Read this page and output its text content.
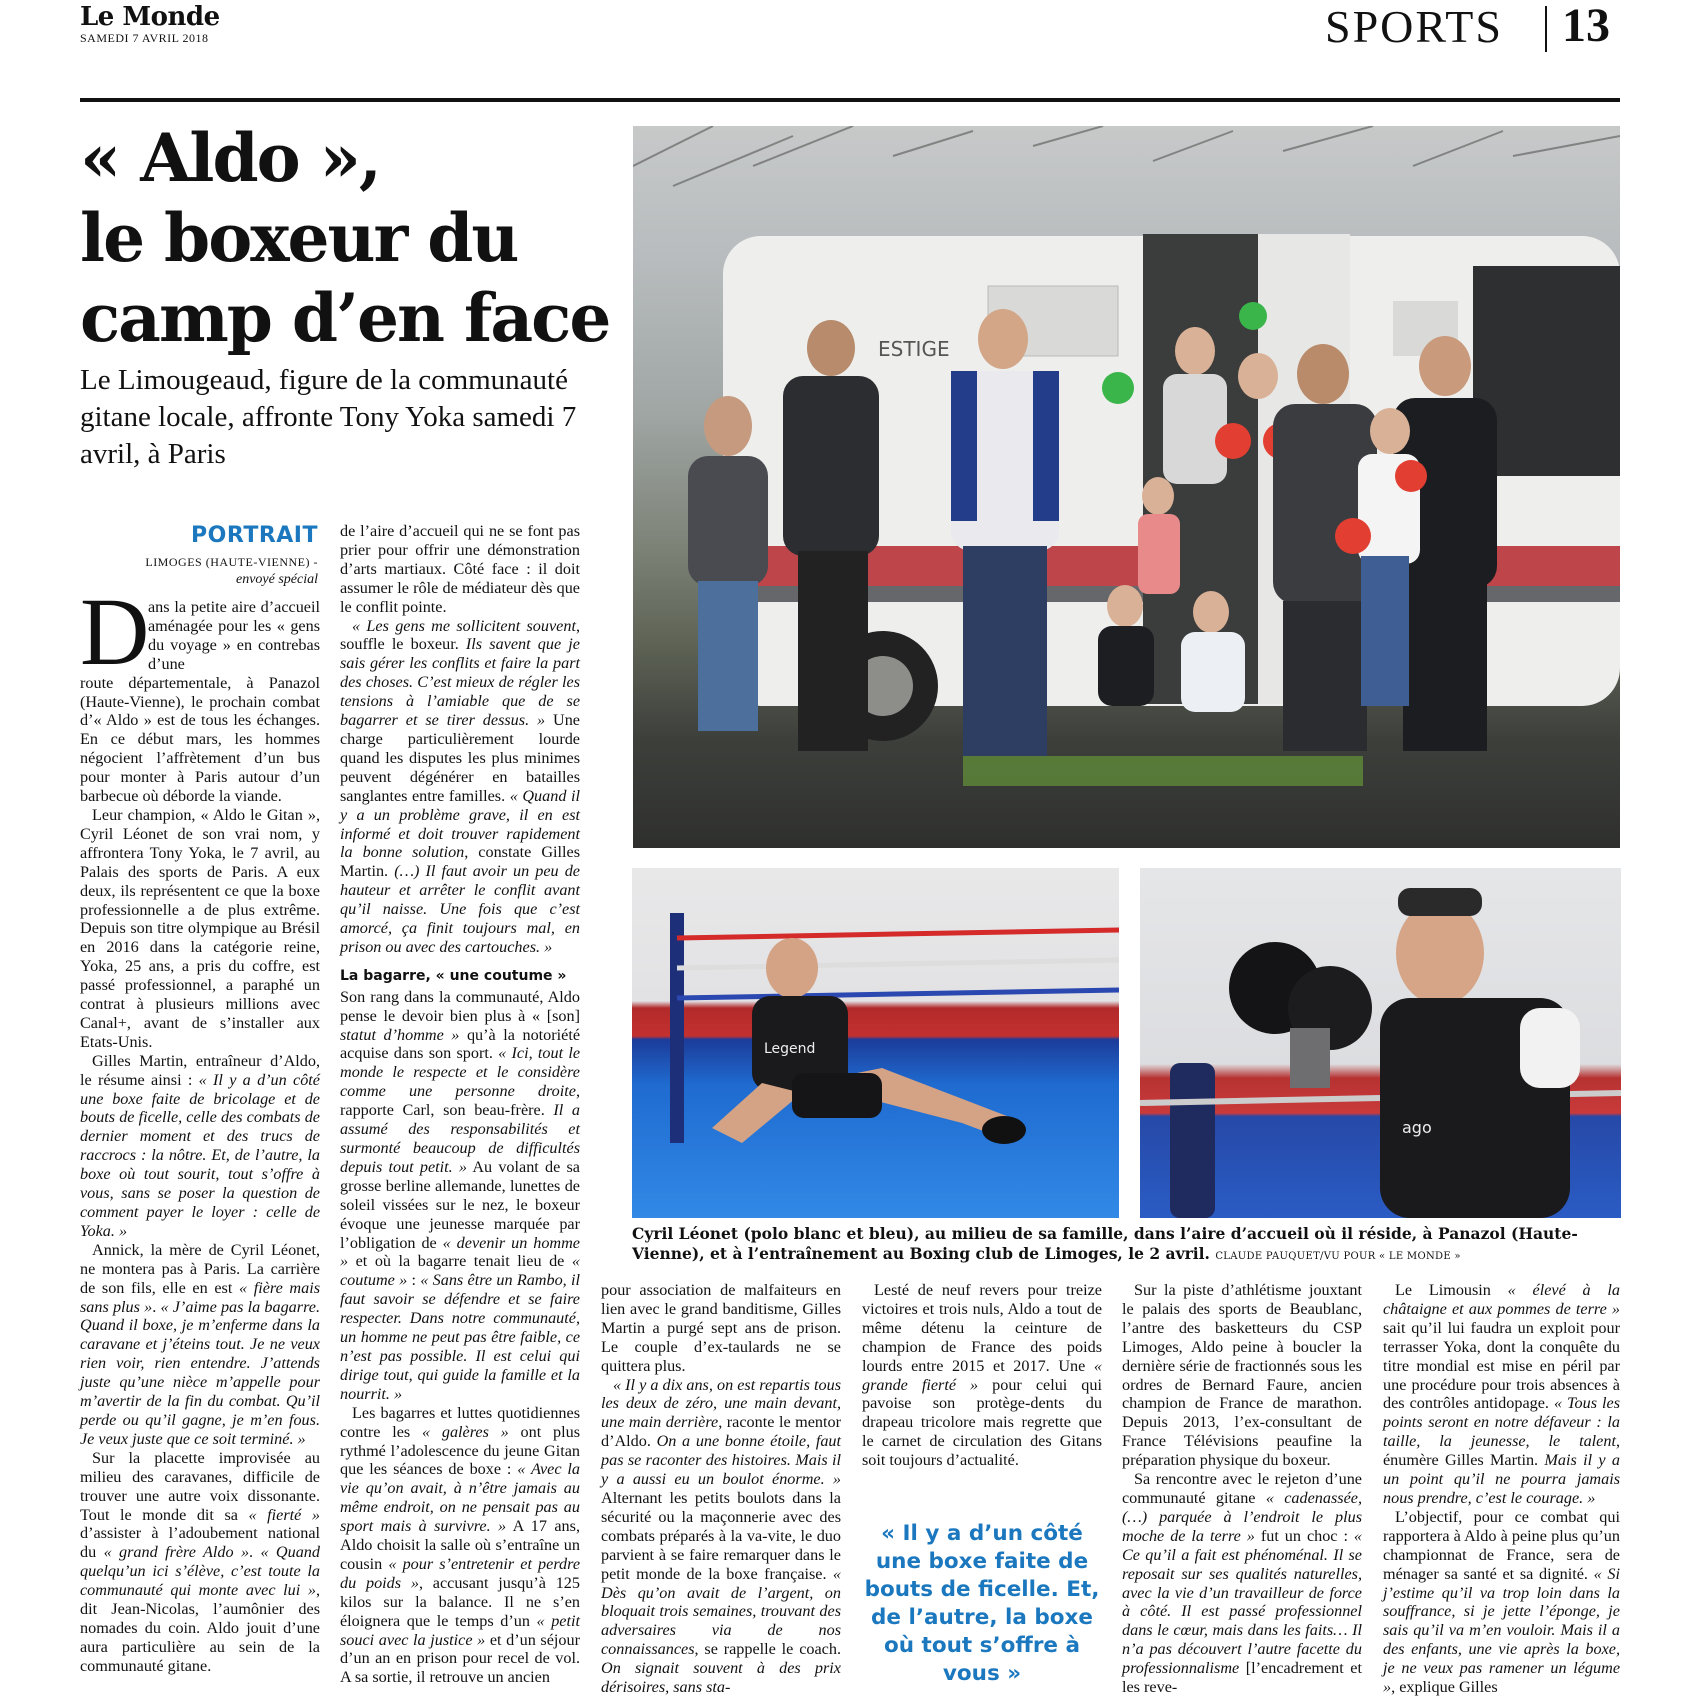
Le Monde
SAMEDI 7 AVRIL 2018	SPORTS 13
« Aldo »,
le boxeur du
camp d’en face
Le Limougeaud, figure de la communauté gitane locale, affronte Tony Yoka samedi 7 avril, à Paris
ESTIGE
Legend
ago
Cyril Léonet (polo blanc et bleu), au milieu de sa famille, dans l’aire d’accueil où il réside, à Panazol (Haute-Vienne), et à l’entraînement au Boxing club de Limoges, le 2 avril. CLAUDE PAUQUET/VU POUR « LE MONDE »
PORTRAIT
LIMOGES (HAUTE-VIENNE) -
envoyé spécial
D

ans la petite aire d’accueil aménagée pour les « gens du voyage » en contrebas d’une

route départementale, à Panazol (Haute-Vienne), le prochain combat d’« Aldo » est de tous les échanges. En ce début mars, les hommes négocient l’affrètement d’un bus pour monter à Paris autour d’un barbecue où déborde la viande.

Leur champion, « Aldo le Gitan », Cyril Léonet de son vrai nom, y affrontera Tony Yoka, le 7 avril, au Palais des sports de Paris. A eux deux, ils représentent ce que la boxe professionnelle a de plus extrême. Depuis son titre olympique au Brésil en 2016 dans la catégorie reine, Yoka, 25 ans, a pris du coffre, est passé professionnel, a paraphé un contrat à plusieurs millions avec Canal+, avant de s’installer aux Etats-Unis.

Gilles Martin, entraîneur d’Aldo, le résume ainsi : « Il y a d’un côté une boxe faite de bricolage et de bouts de ficelle, celle des combats de dernier moment et des trucs de raccrocs : la nôtre. Et, de l’autre, la boxe où tout sourit, tout s’offre à vous, sans se poser la question de comment payer le loyer : celle de Yoka. »

Annick, la mère de Cyril Léonet, ne montera pas à Paris. La carrière de son fils, elle en est « fière mais sans plus ». « J’aime pas la bagarre. Quand il boxe, je m’enferme dans la caravane et j’éteins tout. Je ne veux rien voir, rien entendre. J’attends juste qu’une nièce m’appelle pour m’avertir de la fin du combat. Qu’il perde ou qu’il gagne, je m’en fous. Je veux juste que ce soit terminé. »

Sur la placette improvisée au milieu des caravanes, difficile de trouver une autre voix dissonante. Tout le monde dit sa « fierté » d’assister à l’adoubement national du « grand frère Aldo ». « Quand quelqu’un ici s’élève, c’est toute la communauté qui monte avec lui », dit Jean-Nicolas, l’aumônier des nomades du coin. Aldo jouit d’une aura particulière au sein de la communauté gitane.

de l’aire d’accueil qui ne se font pas prier pour offrir une démonstration d’arts martiaux. Côté face : il doit assumer le rôle de médiateur dès que le conflit pointe.

« Les gens me sollicitent souvent, souffle le boxeur. Ils savent que je sais gérer les conflits et faire la part des choses. C’est mieux de régler les tensions à l’amiable que de se bagarrer et se tirer dessus. » Une charge particulièrement lourde quand les disputes les plus minimes peuvent dégénérer en batailles sanglantes entre familles. « Quand il y a un problème grave, il en est informé et doit trouver rapidement la bonne solution, constate Gilles Martin. (…) Il faut avoir un peu de hauteur et arrêter le conflit avant qu’il naisse. Une fois que c’est amorcé, ça finit toujours mal, en prison ou avec des cartouches. »

La bagarre, « une coutume »

Son rang dans la communauté, Aldo pense le devoir bien plus à « [son] statut d’homme » qu’à la notoriété acquise dans son sport. « Ici, tout le monde le respecte et le considère comme une personne droite, rapporte Carl, son beau-frère. Il a assumé des responsabilités et surmonté beaucoup de difficultés depuis tout petit. » Au volant de sa grosse berline allemande, lunettes de soleil vissées sur le nez, le boxeur évoque une jeunesse marquée par l’obligation de « devenir un homme » et où la bagarre tenait lieu de « coutume » : « Sans être un Rambo, il faut savoir se défendre et se faire respecter. Dans notre communauté, un homme ne peut pas être faible, ce n’est pas possible. Il est celui qui dirige tout, qui guide la famille et la nourrit. »

Les bagarres et luttes quotidiennes contre les « galères » ont plus rythmé l’adolescence du jeune Gitan que les séances de boxe : « Avec la vie qu’on avait, à n’être jamais au même endroit, on ne pensait pas au sport mais à survivre. » A 17 ans, Aldo choisit la salle où s’entraîne un cousin « pour s’entretenir et perdre du poids », accusant jusqu’à 125 kilos sur la balance. Il ne s’en éloignera que le temps d’un « petit souci avec la justice » et d’un séjour d’un an en prison pour recel de vol. A sa sortie, il retrouve un ancien

pour association de malfaiteurs en lien avec le grand banditisme, Gilles Martin a purgé sept ans de prison. Le couple d’ex-taulards ne se quittera plus.

« Il y a dix ans, on est repartis tous les deux de zéro, une main devant, une main derrière, raconte le mentor d’Aldo. On a une bonne étoile, faut pas se raconter des histoires. Mais il y a aussi eu un boulot énorme. » Alternant les petits boulots dans la sécurité ou la maçonnerie avec des combats préparés à la va-vite, le duo parvient à se faire remarquer dans le petit monde de la boxe française. « Dès qu’on avait de l’argent, on bloquait trois semaines, trouvant des adversaires via de nos connaissances, se rappelle le coach. On signait souvent à des prix dérisoires, sans sta-

Lesté de neuf revers pour treize victoires et trois nuls, Aldo a tout de même détenu la ceinture de champion de France des poids lourds entre 2015 et 2017. Une « grande fierté » pour celui qui pavoise son protège-dents du drapeau tricolore mais regrette que le carnet de circulation des Gitans soit toujours d’actualité.

« Il y a d’un côté une boxe faite de bouts de ficelle. Et, de l’autre, la boxe où tout s’offre à vous »

Sur la piste d’athlétisme jouxtant le palais des sports de Beaublanc, l’antre des basketteurs du CSP Limoges, Aldo peine à boucler la dernière série de fractionnés sous les ordres de Bernard Faure, ancien champion de France de marathon. Depuis 2013, l’ex-consultant de France Télévisions peaufine la préparation physique du boxeur.

Sa rencontre avec le rejeton d’une communauté gitane « cadenassée, (…) parquée à l’endroit le plus moche de la terre » fut un choc : « Ce qu’il a fait est phénoménal. Il se reposait sur ses qualités naturelles, avec la vie d’un travailleur de force à côté. Il est passé professionnel dans le cœur, mais dans les faits… Il n’a pas découvert l’autre facette du professionnalisme [l’encadrement et les reve-

Le Limousin « élevé à la châtaigne et aux pommes de terre » sait qu’il lui faudra un exploit pour terrasser Yoka, dont la conquête du titre mondial est mise en péril par une procédure pour trois absences à des contrôles antidopage. « Tous les points seront en notre défaveur : la taille, la jeunesse, le talent, énumère Gilles Martin. Mais il y a un point qu’il ne pourra jamais nous prendre, c’est le courage. »

L’objectif, pour ce combat qui rapportera à Aldo à peine plus qu’un championnat de France, sera de ménager sa santé et sa dignité. « Si j’estime qu’il va trop loin dans la souffrance, si je jette l’éponge, je sais qu’il va m’en vouloir. Mais il a des enfants, une vie après la boxe, je ne veux pas ramener un légume », explique Gilles
